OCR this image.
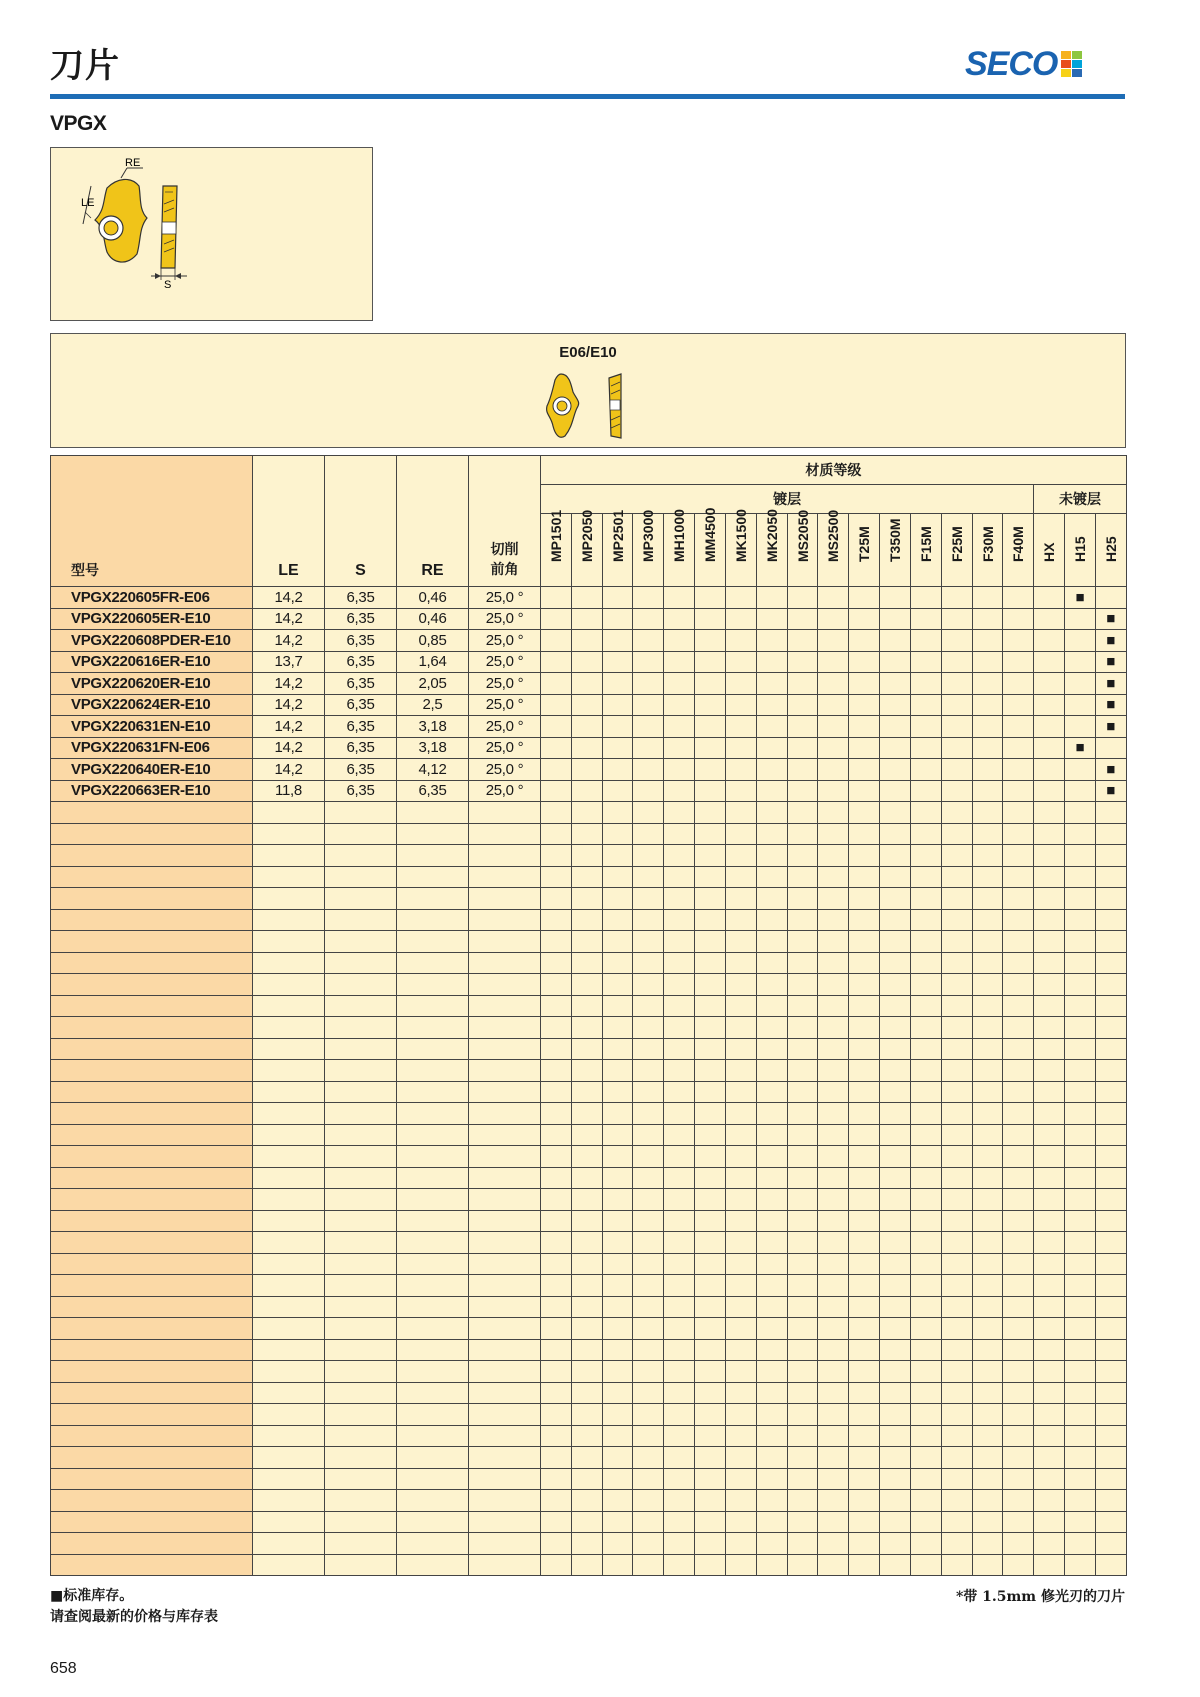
刀片	SECO
VPGX
LE
RE
S
E06/E10
型号	LE	S	RE	切削
前角	材质等级																		
					镀层																未镀层		

					MP1501	MP2050	MP2501	MP3000	MH1000	MM4500	MK1500	MK2050	MS2050	MS2500	T25M	T350M	F15M	F25M	F30M	F40M	HX	H15	H25

VPGX220605FR-E06	14,2	6,35	0,46	25,0 °																		■	
VPGX220605ER-E10	14,2	6,35	0,46	25,0 °																			■
VPGX220608PDER-E10	14,2	6,35	0,85	25,0 °																			■
VPGX220616ER-E10	13,7	6,35	1,64	25,0 °																			■
VPGX220620ER-E10	14,2	6,35	2,05	25,0 °																			■
VPGX220624ER-E10	14,2	6,35	2,5	25,0 °																			■
VPGX220631EN-E10	14,2	6,35	3,18	25,0 °																			■
VPGX220631FN-E06	14,2	6,35	3,18	25,0 °																		■	
VPGX220640ER-E10	14,2	6,35	4,12	25,0 °																			■
VPGX220663ER-E10	11,8	6,35	6,35	25,0 °																			■

■标准库存。
请查阅最新的价格与库存表
*带 1.5mm 修光刃的刀片
658
